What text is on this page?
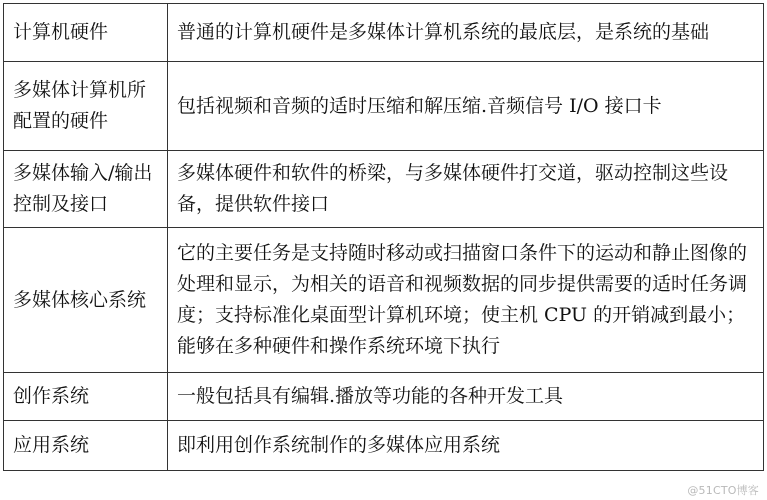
计算机硬件	普通的计算机硬件是多媒体计算机系统的最底层，是系统的基础
多媒体计算机所配置的硬件	包括视频和音频的适时压缩和解压缩.音频信号 I/O 接口卡
多媒体输入/输出控制及接口	多媒体硬件和软件的桥梁，与多媒体硬件打交道，驱动控制这些设备，提供软件接口
多媒体核心系统	它的主要任务是支持随时移动或扫描窗口条件下的运动和静止图像的处理和显示，为相关的语音和视频数据的同步提供需要的适时任务调度；支持标准化桌面型计算机环境；使主机 CPU 的开销减到最小；能够在多种硬件和操作系统环境下执行
创作系统	一般包括具有编辑.播放等功能的各种开发工具
应用系统	即利用创作系统制作的多媒体应用系统
@51CTO博客
